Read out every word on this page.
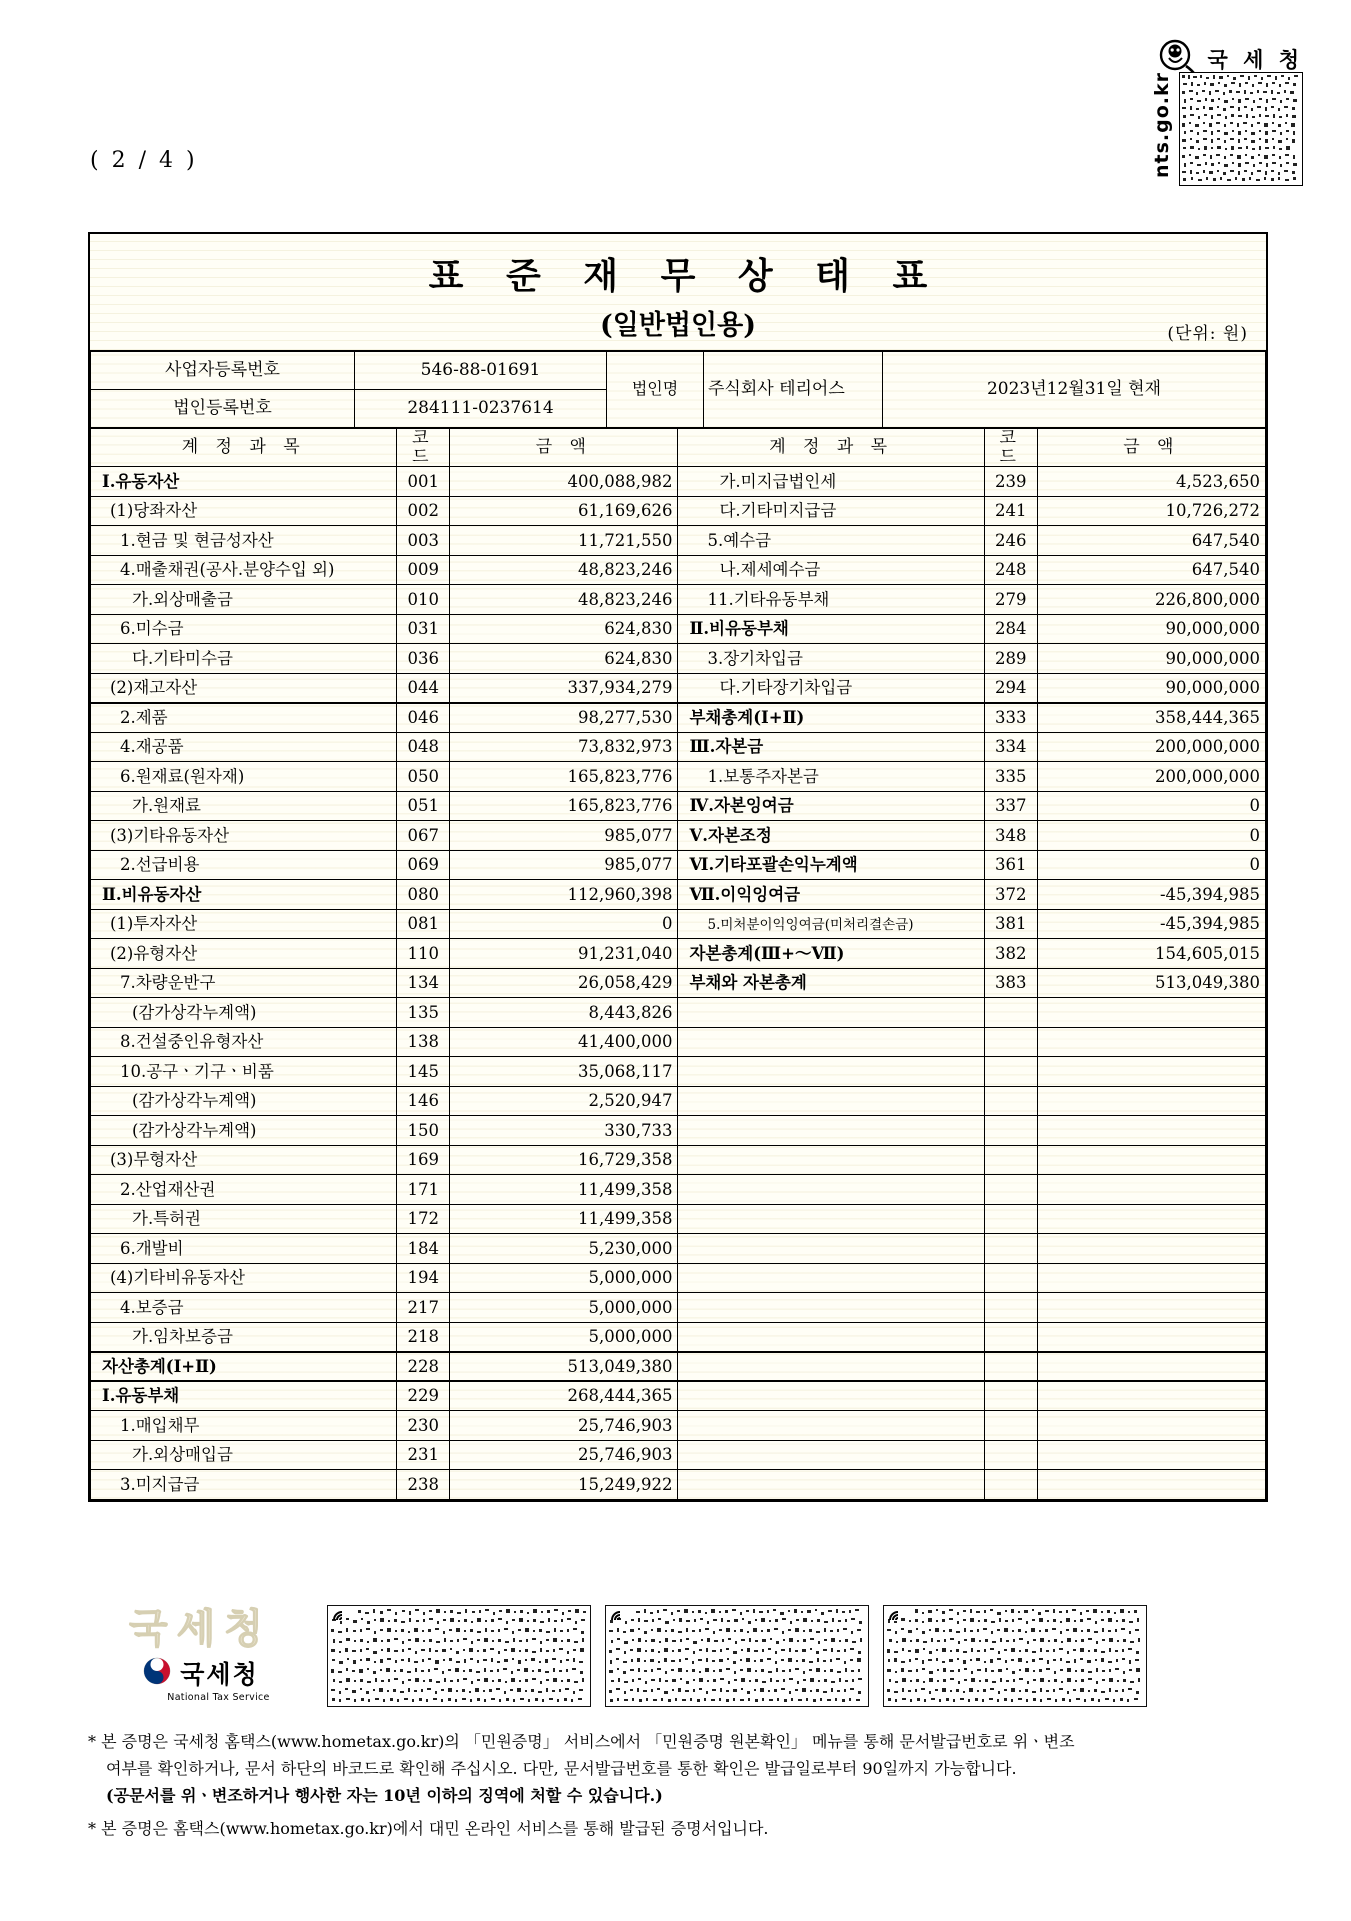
국 세 청
nts.go.kr
( 2 / 4 )
표 준 재 무 상 태 표
(일반법인용)	(단위: 원)
사업자등록번호	546-88-01691	법인명	주식회사 테리어스	2023년12월31일 현재
법인등록번호	284111-0237614			
계 정 과 목	코드	금 액	계 정 과 목	코드	금 액
Ⅰ.유동자산	001	400,088,982	가.미지급법인세	239	4,523,650
(1)당좌자산	002	61,169,626	다.기타미지급금	241	10,726,272
1.현금 및 현금성자산	003	11,721,550	5.예수금	246	647,540
4.매출채권(공사.분양수입 외)	009	48,823,246	나.제세예수금	248	647,540
가.외상매출금	010	48,823,246	11.기타유동부채	279	226,800,000
6.미수금	031	624,830	Ⅱ.비유동부채	284	90,000,000
다.기타미수금	036	624,830	3.장기차입금	289	90,000,000
(2)재고자산	044	337,934,279	다.기타장기차입금	294	90,000,000
2.제품	046	98,277,530	부채총계(Ⅰ+Ⅱ)	333	358,444,365
4.재공품	048	73,832,973	Ⅲ.자본금	334	200,000,000
6.원재료(원자재)	050	165,823,776	1.보통주자본금	335	200,000,000
가.원재료	051	165,823,776	Ⅳ.자본잉여금	337	0
(3)기타유동자산	067	985,077	Ⅴ.자본조정	348	0
2.선급비용	069	985,077	Ⅵ.기타포괄손익누계액	361	0
Ⅱ.비유동자산	080	112,960,398	Ⅶ.이익잉여금	372	-45,394,985
(1)투자자산	081	0	5.미처분이익잉여금(미처리결손금)	381	-45,394,985
(2)유형자산	110	91,231,040	자본총계(Ⅲ+～Ⅶ)	382	154,605,015
7.차량운반구	134	26,058,429	부채와 자본총계	383	513,049,380
(감가상각누계액)	135	8,443,826			
8.건설중인유형자산	138	41,400,000			
10.공구ㆍ기구ㆍ비품	145	35,068,117			
(감가상각누계액)	146	2,520,947			
(감가상각누계액)	150	330,733			
(3)무형자산	169	16,729,358			
2.산업재산권	171	11,499,358			
가.특허권	172	11,499,358			
6.개발비	184	5,230,000			
(4)기타비유동자산	194	5,000,000			
4.보증금	217	5,000,000			
가.임차보증금	218	5,000,000			
자산총계(Ⅰ+Ⅱ)	228	513,049,380			
Ⅰ.유동부채	229	268,444,365			
1.매입채무	230	25,746,903			
가.외상매입금	231	25,746,903			
3.미지급금	238	15,249,922			
국세청
국세청
National Tax Service

* 본 증명은 국세청 홈택스(www.hometax.go.kr)의 「민원증명」 서비스에서 「민원증명 원본확인」 메뉴를 통해 문서발급번호로 위ㆍ변조

여부를 확인하거나, 문서 하단의 바코드로 확인해 주십시오. 다만, 문서발급번호를 통한 확인은 발급일로부터 90일까지 가능합니다.

(공문서를 위ㆍ변조하거나 행사한 자는 10년 이하의 징역에 처할 수 있습니다.)

* 본 증명은 홈택스(www.hometax.go.kr)에서 대민 온라인 서비스를 통해 발급된 증명서입니다.
